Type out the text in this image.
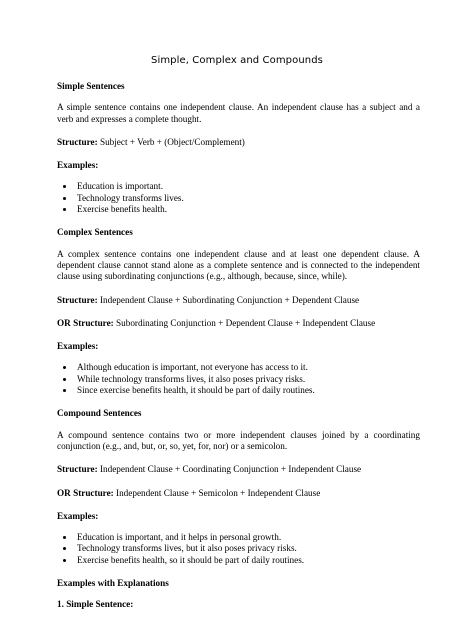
Simple, Complex and Compounds

Simple Sentences

A simple sentence contains one independent clause. An independent clause has a subject and a verb and expresses a complete thought.

Structure: Subject + Verb + (Object/Complement)

Examples:

• Education is important.
• Technology transforms lives.
• Exercise benefits health.

Complex Sentences

A complex sentence contains one independent clause and at least one dependent clause. A dependent clause cannot stand alone as a complete sentence and is connected to the independent clause using subordinating conjunctions (e.g., although, because, since, while).

Structure: Independent Clause + Subordinating Conjunction + Dependent Clause

OR Structure: Subordinating Conjunction + Dependent Clause + Independent Clause

Examples:

• Although education is important, not everyone has access to it.
• While technology transforms lives, it also poses privacy risks.
• Since exercise benefits health, it should be part of daily routines.

Compound Sentences

A compound sentence contains two or more independent clauses joined by a coordinating conjunction (e.g., and, but, or, so, yet, for, nor) or a semicolon.

Structure: Independent Clause + Coordinating Conjunction + Independent Clause

OR Structure: Independent Clause + Semicolon + Independent Clause

Examples:

• Education is important, and it helps in personal growth.
• Technology transforms lives, but it also poses privacy risks.
• Exercise benefits health, so it should be part of daily routines.

Examples with Explanations

1. Simple Sentence:
